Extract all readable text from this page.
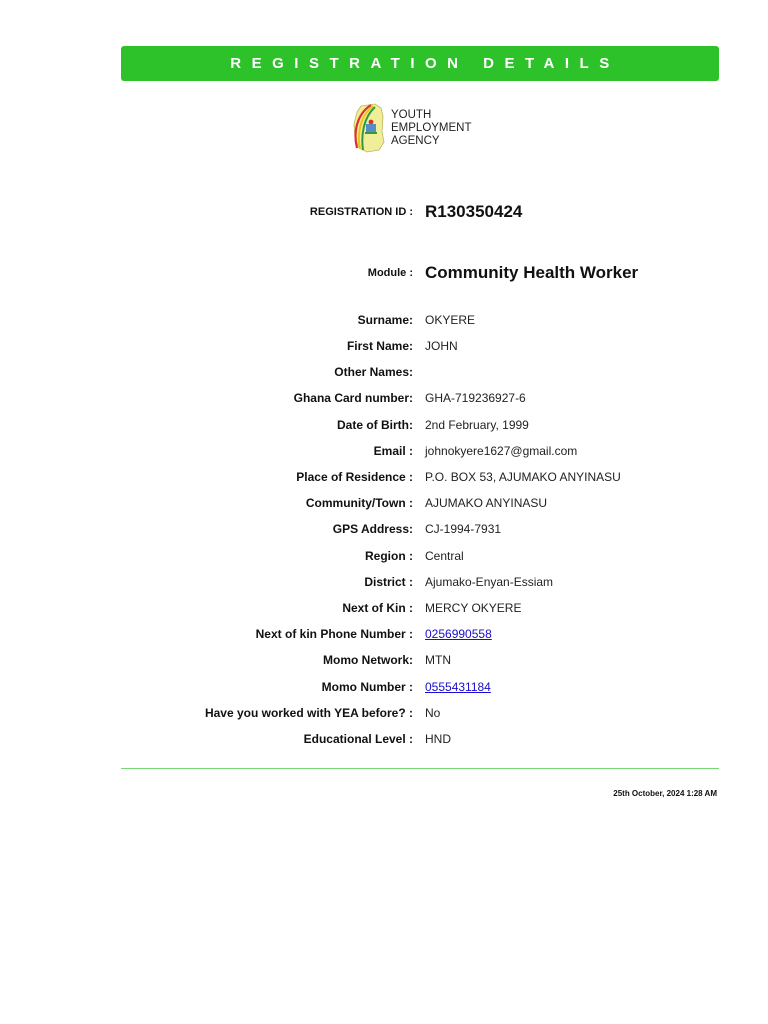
REGISTRATION DETAILS
YOUTH
EMPLOYMENT
AGENCY
REGISTRATION ID : R130350424
Module : Community Health Worker
Surname: OKYERE
First Name: JOHN
Other Names:
Ghana Card number: GHA-719236927-6
Date of Birth: 2nd February, 1999
Email : johnokyere1627@gmail.com
Place of Residence : P.O. BOX 53, AJUMAKO ANYINASU
Community/Town : AJUMAKO ANYINASU
GPS Address: CJ-1994-7931
Region : Central
District : Ajumako-Enyan-Essiam
Next of Kin : MERCY OKYERE
Next of kin Phone Number : 0256990558
Momo Network: MTN
Momo Number : 0555431184
Have you worked with YEA before? : No
Educational Level : HND
25th October, 2024 1:28 AM
